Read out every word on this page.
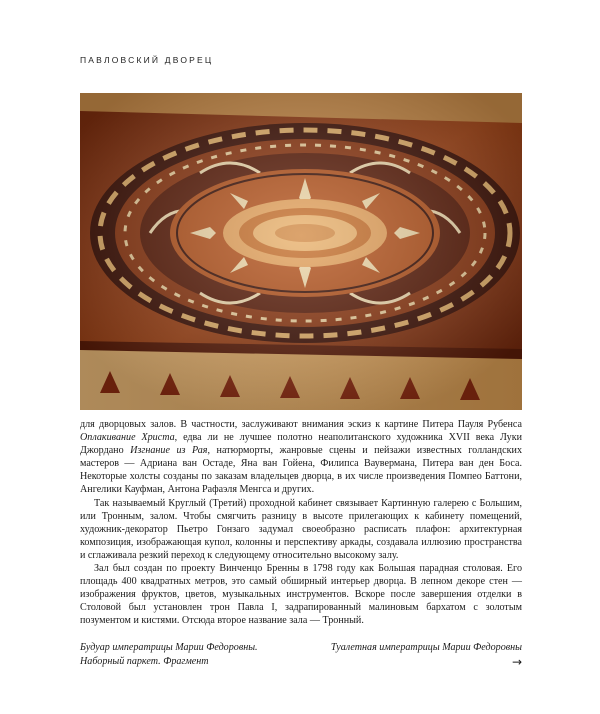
ПАВЛОВСКИЙ ДВОРЕЦ

для дворцовых залов. В частности, заслуживают внимания эскиз к картине Питера Пауля Рубенса Оплакивание Христа, едва ли не лучшее полотно неаполитанского художника XVII века Луки Джордано Изгнание из Рая, натюрморты, жанровые сцены и пейзажи известных голландских мастеров — Адриана ван Остаде, Яна ван Гойена, Филипса Ваувермана, Питера ван ден Боса. Некоторые холсты созданы по заказам владельцев дворца, в их числе произведения Помпео Баттони, Ангелики Кауфман, Антона Рафаэля Менгса и других.

Так называемый Круглый (Третий) проходной кабинет связывает Картинную галерею с Большим, или Тронным, залом. Чтобы смягчить разницу в высоте прилегающих к кабинету помещений, художник-декоратор Пьетро Гонзаго задумал своеобразно расписать плафон: архитектурная композиция, изображающая купол, колонны и перспективу аркады, создавала иллюзию пространства и сглаживала резкий переход к следующему относительно высокому залу.

Зал был создан по проекту Винченцо Бренны в 1798 году как Большая парадная столовая. Его площадь 400 квадратных метров, это самый обширный интерьер дворца. В лепном декоре стен — изображения фруктов, цветов, музыкальных инструментов. Вскоре после завершения отделки в Столовой был установлен трон Павла I, задрапированный малиновым бархатом с золотым позументом и кистями. Отсюда второе название зала — Тронный.

Будуар императрицы Марии Федоровны.
Наборный паркет. Фрагмент
Туалетная императрицы Марии Федоровны
→
